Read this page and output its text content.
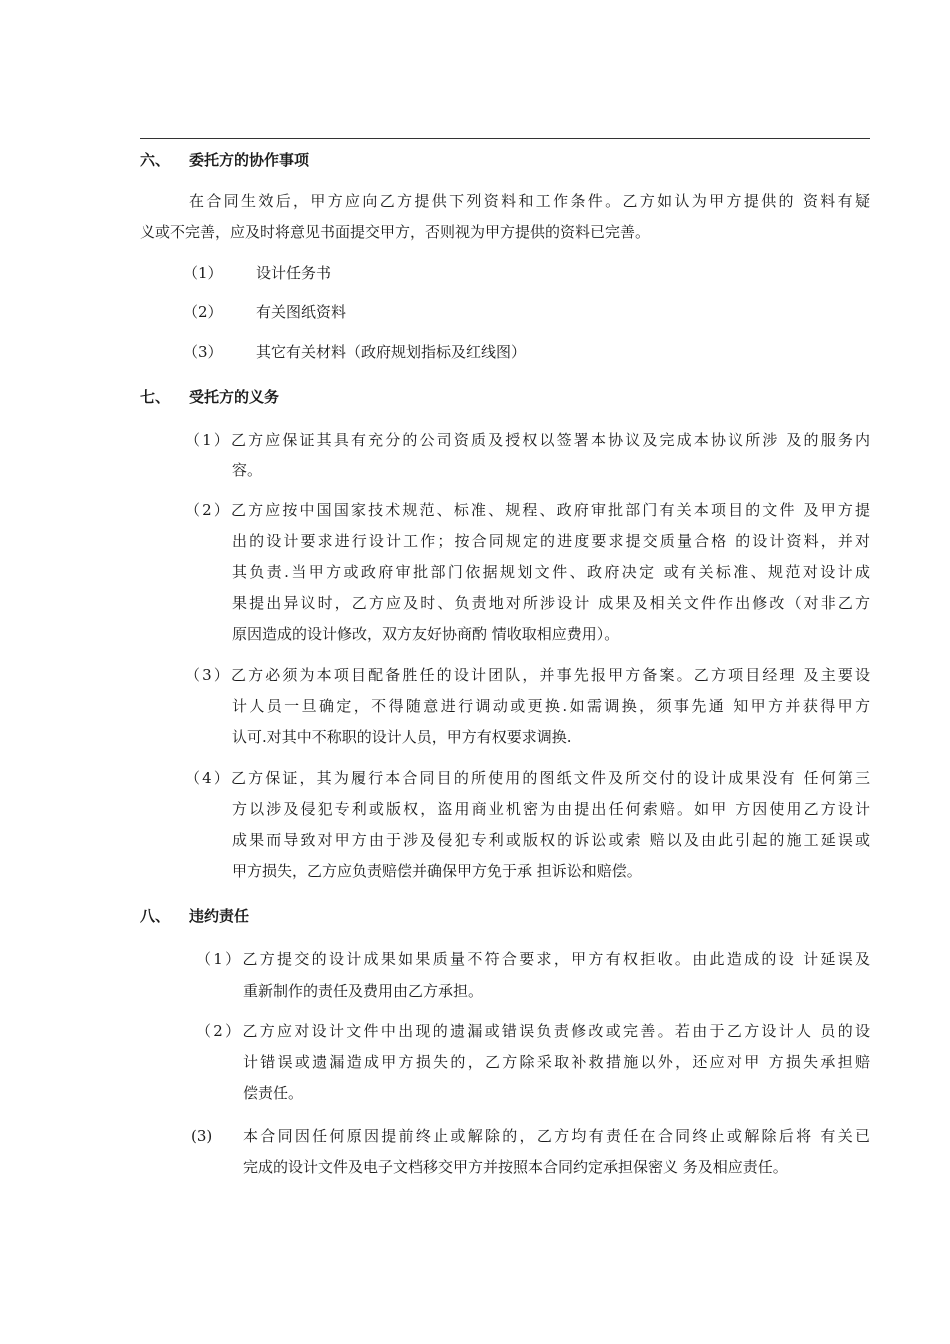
六、 委托方的协作事项
在合同生效后，甲方应向乙方提供下列资料和工作条件。乙方如认为甲方提供的 资料有疑
义或不完善，应及时将意见书面提交甲方，否则视为甲方提供的资料已完善。
（1） 设计任务书
（2） 有关图纸资料
（3） 其它有关材料（政府规划指标及红线图）
七、 受托方的义务
（1）乙方应保证其具有充分的公司资质及授权以签署本协议及完成本协议所涉 及的服务内
容。
（2）乙方应按中国国家技术规范、标准、规程、政府审批部门有关本项目的文件 及甲方提
出的设计要求进行设计工作；按合同规定的进度要求提交质量合格 的设计资料，并对
其负责.当甲方或政府审批部门依据规划文件、政府决定 或有关标准、规范对设计成
果提出异议时，乙方应及时、负责地对所涉设计 成果及相关文件作出修改（对非乙方
原因造成的设计修改，双方友好协商酌 情收取相应费用）。
（3）乙方必须为本项目配备胜任的设计团队，并事先报甲方备案。乙方项目经理 及主要设
计人员一旦确定，不得随意进行调动或更换.如需调换，须事先通 知甲方并获得甲方
认可.对其中不称职的设计人员，甲方有权要求调换.
（4）乙方保证，其为履行本合同目的所使用的图纸文件及所交付的设计成果没有 任何第三
方以涉及侵犯专利或版权，盗用商业机密为由提出任何索赔。如甲 方因使用乙方设计
成果而导致对甲方由于涉及侵犯专利或版权的诉讼或索 赔以及由此引起的施工延误或
甲方损失，乙方应负责赔偿并确保甲方免于承 担诉讼和赔偿。
八、 违约责任
（1）乙方提交的设计成果如果质量不符合要求，甲方有权拒收。由此造成的设 计延误及
重新制作的责任及费用由乙方承担。
（2）乙方应对设计文件中出现的遗漏或错误负责修改或完善。若由于乙方设计人 员的设
计错误或遗漏造成甲方损失的，乙方除采取补救措施以外，还应对甲 方损失承担赔
偿责任。
(3) 本合同因任何原因提前终止或解除的，乙方均有责任在合同终止或解除后将 有关已
完成的设计文件及电子文档移交甲方并按照本合同约定承担保密义 务及相应责任。
